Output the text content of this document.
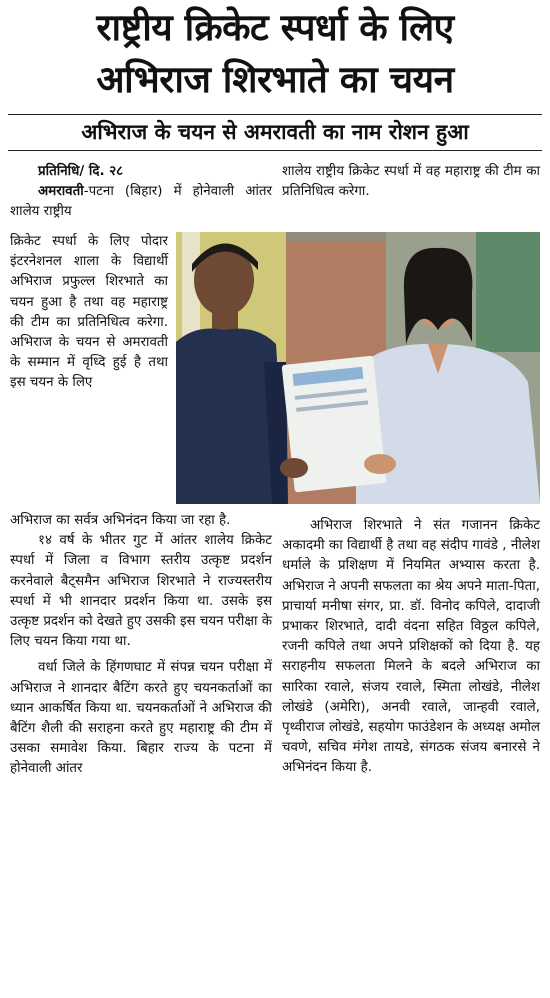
राष्ट्रीय क्रिकेट स्पर्धा के लिए
अभिराज शिरभाते का चयन
अभिराज के चयन से अमरावती का नाम रोशन हुआ

प्रतिनिधि/ दि. २८

अमरावती-पटना (बिहार) में होनेवाली आंतर शालेय राष्ट्रीय

क्रिकेट स्पर्धा के लिए पोदार इंटरनेशनल शाला के विद्यार्थी अभिराज प्रफुल्ल शिरभाते का चयन हुआ है तथा वह महाराष्ट्र की टीम का प्रतिनिधित्व करेगा. अभिराज के चयन से अमरावती के सम्मान में वृध्दि हुई है तथा इस चयन के लिए

अभिराज का सर्वत्र अभिनंदन किया जा रहा है.

१४ वर्ष के भीतर गुट में आंतर शालेय क्रिकेट स्पर्धा में जिला व विभाग स्तरीय उत्कृष्ट प्रदर्शन करनेवाले बैट्समैन अभिराज शिरभाते ने राज्यस्तरीय स्पर्धा में भी शानदार प्रदर्शन किया था. उसके इस उत्कृष्ट प्रदर्शन को देखते हुए उसकी इस चयन परीक्षा के लिए चयन किया गया था.

वर्धा जिले के हिंगणघाट में संपन्न चयन परीक्षा में अभिराज ने शानदार बैटिंग करते हुए चयनकर्ताओं का ध्यान आकर्षित किया था. चयनकर्ताओं ने अभिराज की बैटिंग शैली की सराहना करते हुए महाराष्ट्र की टीम में उसका समावेश किया. बिहार राज्य के पटना में होनेवाली आंतर

शालेय राष्ट्रीय क्रिकेट स्पर्धा में वह महाराष्ट्र की टीम का प्रतिनिधित्व करेगा.

अभिराज शिरभाते ने संत गजानन क्रिकेट अकादमी का विद्यार्थी है तथा वह संदीप गावंडे , नीलेश धर्माले के प्रशिक्षण में नियमित अभ्यास करता है. अभिराज ने अपनी सफलता का श्रेय अपने माता-पिता, प्राचार्या मनीषा संगर, प्रा. डॉ. विनोद कपिले, दादाजी प्रभाकर शिरभाते, दादी वंदना सहित विठ्ठल कपिले, रजनी कपिले तथा अपने प्रशिक्षकों को दिया है. यह सराहनीय सफलता मिलने के बदले अभिराज का सारिका रवाले, संजय रवाले, स्मिता लोखंडे, नीलेश लोखंडे (अमेरिा), अनवी रवाले, जान्हवी रवाले, पृथ्वीराज लोखंडे, सहयोग फाउंडेशन के अध्यक्ष अमोल चवणे, सचिव मंगेश तायडे, संगठक संजय बनारसे ने अभिनंदन किया है.
